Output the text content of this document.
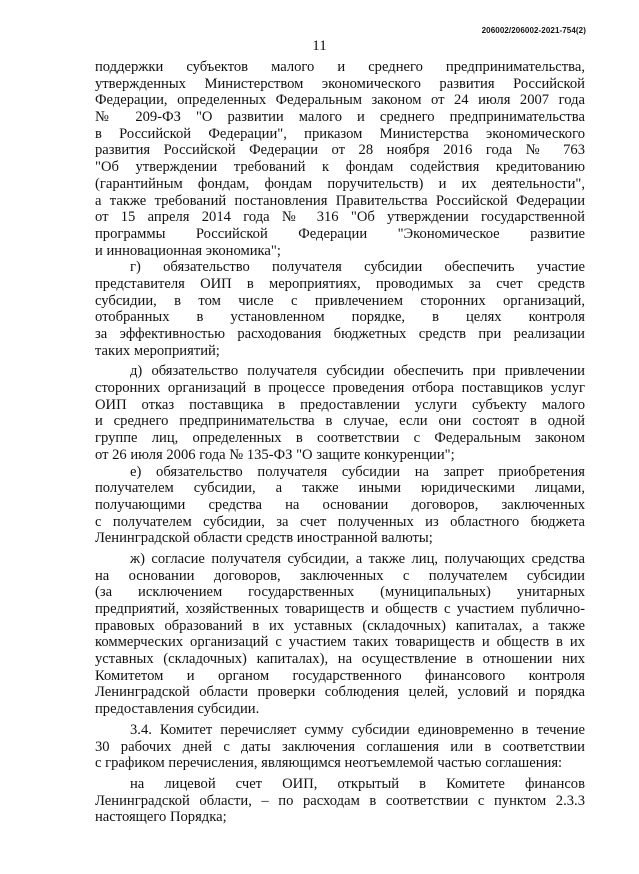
206002/206002-2021-754(2)
11
поддержки субъектов малого и среднего предпринимательства,
утвержденных Министерством экономического развития Российской
Федерации, определенных Федеральным законом от 24 июля 2007 года
№ 209-ФЗ "О развитии малого и среднего предпринимательства
в Российской Федерации", приказом Министерства экономического
развития Российской Федерации от 28 ноября 2016 года № 763
"Об утверждении требований к фондам содействия кредитованию
(гарантийным фондам, фондам поручительств) и их деятельности",
а также требований постановления Правительства Российской Федерации
от 15 апреля 2014 года № 316 "Об утверждении государственной
программы Российской Федерации "Экономическое развитие
и инновационная экономика";
г) обязательство получателя субсидии обеспечить участие
представителя ОИП в мероприятиях, проводимых за счет средств
субсидии, в том числе с привлечением сторонних организаций,
отобранных в установленном порядке, в целях контроля
за эффективностью расходования бюджетных средств при реализации
таких мероприятий;
д) обязательство получателя субсидии обеспечить при привлечении
сторонних организаций в процессе проведения отбора поставщиков услуг
ОИП отказ поставщика в предоставлении услуги субъекту малого
и среднего предпринимательства в случае, если они состоят в одной
группе лиц, определенных в соответствии с Федеральным законом
от 26 июля 2006 года № 135-ФЗ "О защите конкуренции";
е) обязательство получателя субсидии на запрет приобретения
получателем субсидии, а также иными юридическими лицами,
получающими средства на основании договоров, заключенных
с получателем субсидии, за счет полученных из областного бюджета
Ленинградской области средств иностранной валюты;
ж) согласие получателя субсидии, а также лиц, получающих средства
на основании договоров, заключенных с получателем субсидии
(за исключением государственных (муниципальных) унитарных
предприятий, хозяйственных товариществ и обществ с участием публично-
правовых образований в их уставных (складочных) капиталах, а также
коммерческих организаций с участием таких товариществ и обществ в их
уставных (складочных) капиталах), на осуществление в отношении них
Комитетом и органом государственного финансового контроля
Ленинградской области проверки соблюдения целей, условий и порядка
предоставления субсидии.
3.4. Комитет перечисляет сумму субсидии единовременно в течение
30 рабочих дней с даты заключения соглашения или в соответствии
с графиком перечисления, являющимся неотъемлемой частью соглашения:
на лицевой счет ОИП, открытый в Комитете финансов
Ленинградской области, – по расходам в соответствии с пунктом 2.3.3
настоящего Порядка;
